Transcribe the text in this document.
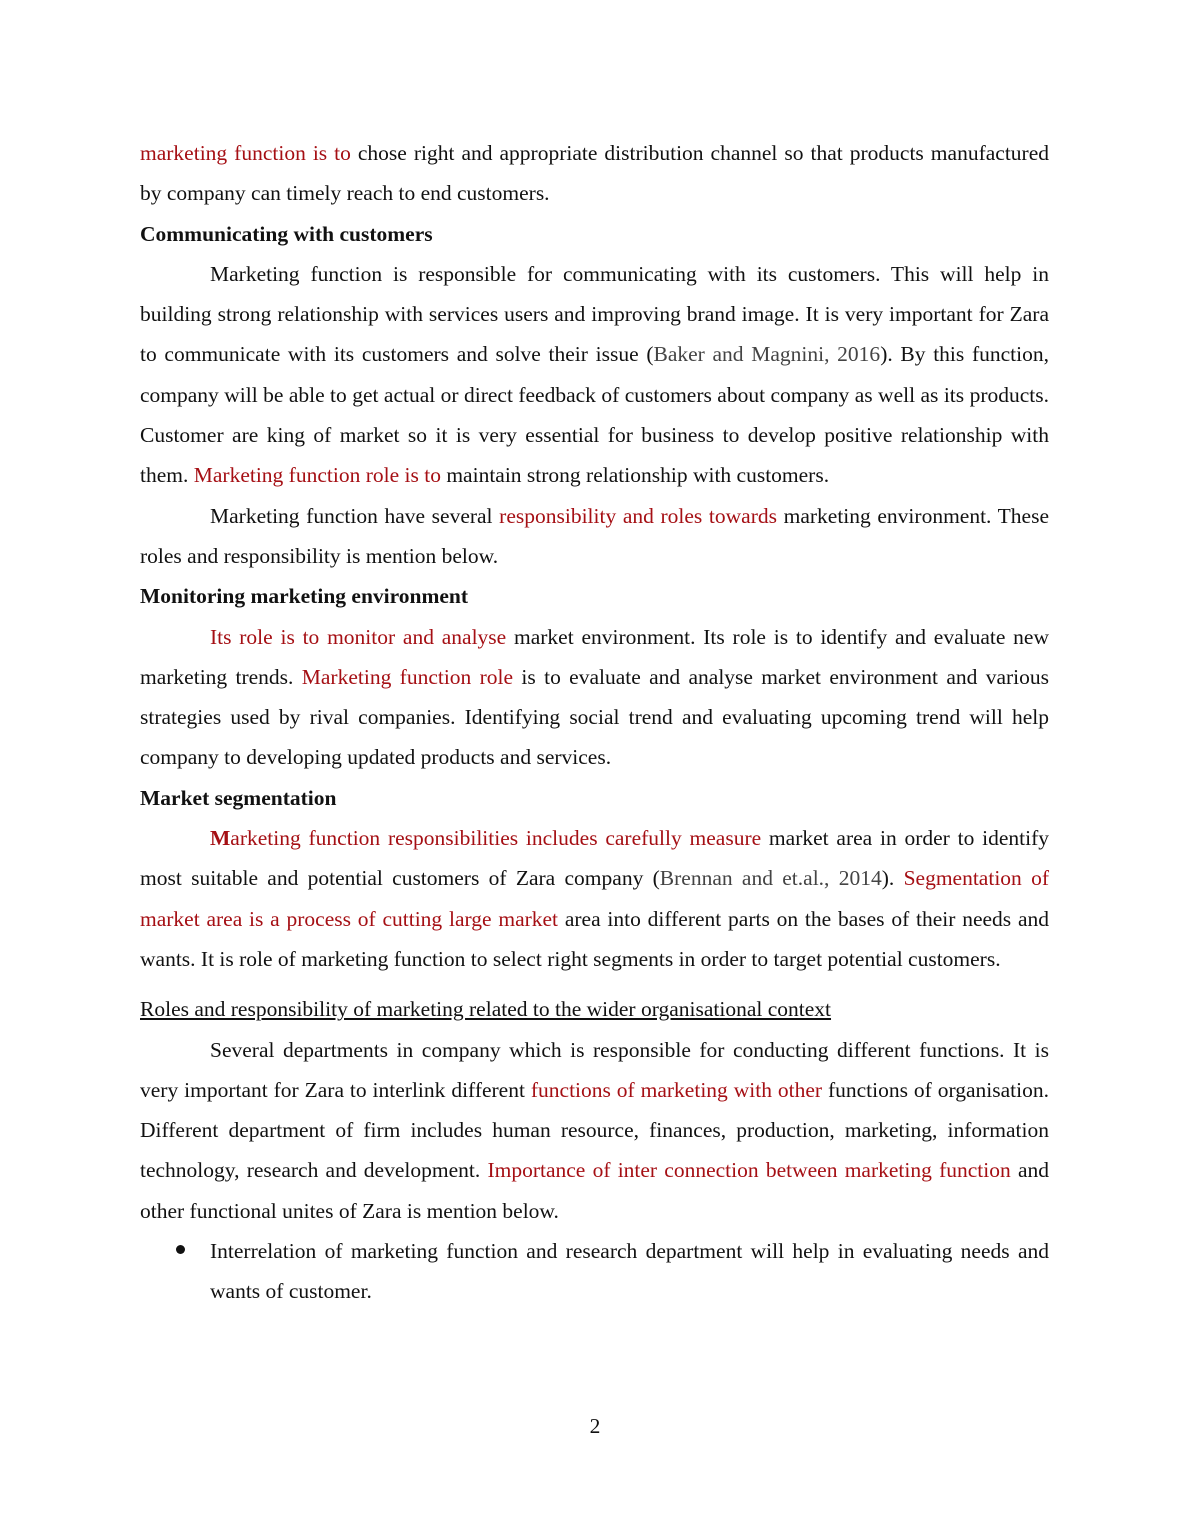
marketing function is to chose right and appropriate distribution channel so that products manufactured by company can timely reach to end customers.

Communicating with customers

Marketing function is responsible for communicating with its customers. This will help in building strong relationship with services users and improving brand image. It is very important for Zara to communicate with its customers and solve their issue (Baker and Magnini, 2016). By this function, company will be able to get actual or direct feedback of customers about company as well as its products. Customer are king of market so it is very essential for business to develop positive relationship with them. Marketing function role is to maintain strong relationship with customers.

Marketing function have several responsibility and roles towards marketing environment. These roles and responsibility is mention below.

Monitoring marketing environment

Its role is to monitor and analyse market environment. Its role is to identify and evaluate new marketing trends. Marketing function role is to evaluate and analyse market environment and various strategies used by rival companies. Identifying social trend and evaluating upcoming trend will help company to developing updated products and services.

Market segmentation

Marketing function responsibilities includes carefully measure market area in order to identify most suitable and potential customers of Zara company (Brennan and et.al., 2014). Segmentation of market area is a process of cutting large market area into different parts on the bases of their needs and wants. It is role of marketing function to select right segments in order to target potential customers.

Roles and responsibility of marketing related to the wider organisational context

Several departments in company which is responsible for conducting different functions. It is very important for Zara to interlink different functions of marketing with other functions of organisation. Different department of firm includes human resource, finances, production, marketing, information technology, research and development. Importance of inter connection between marketing function and other functional unites of Zara is mention below.

Interrelation of marketing function and research department will help in evaluating needs and wants of customer.
2
